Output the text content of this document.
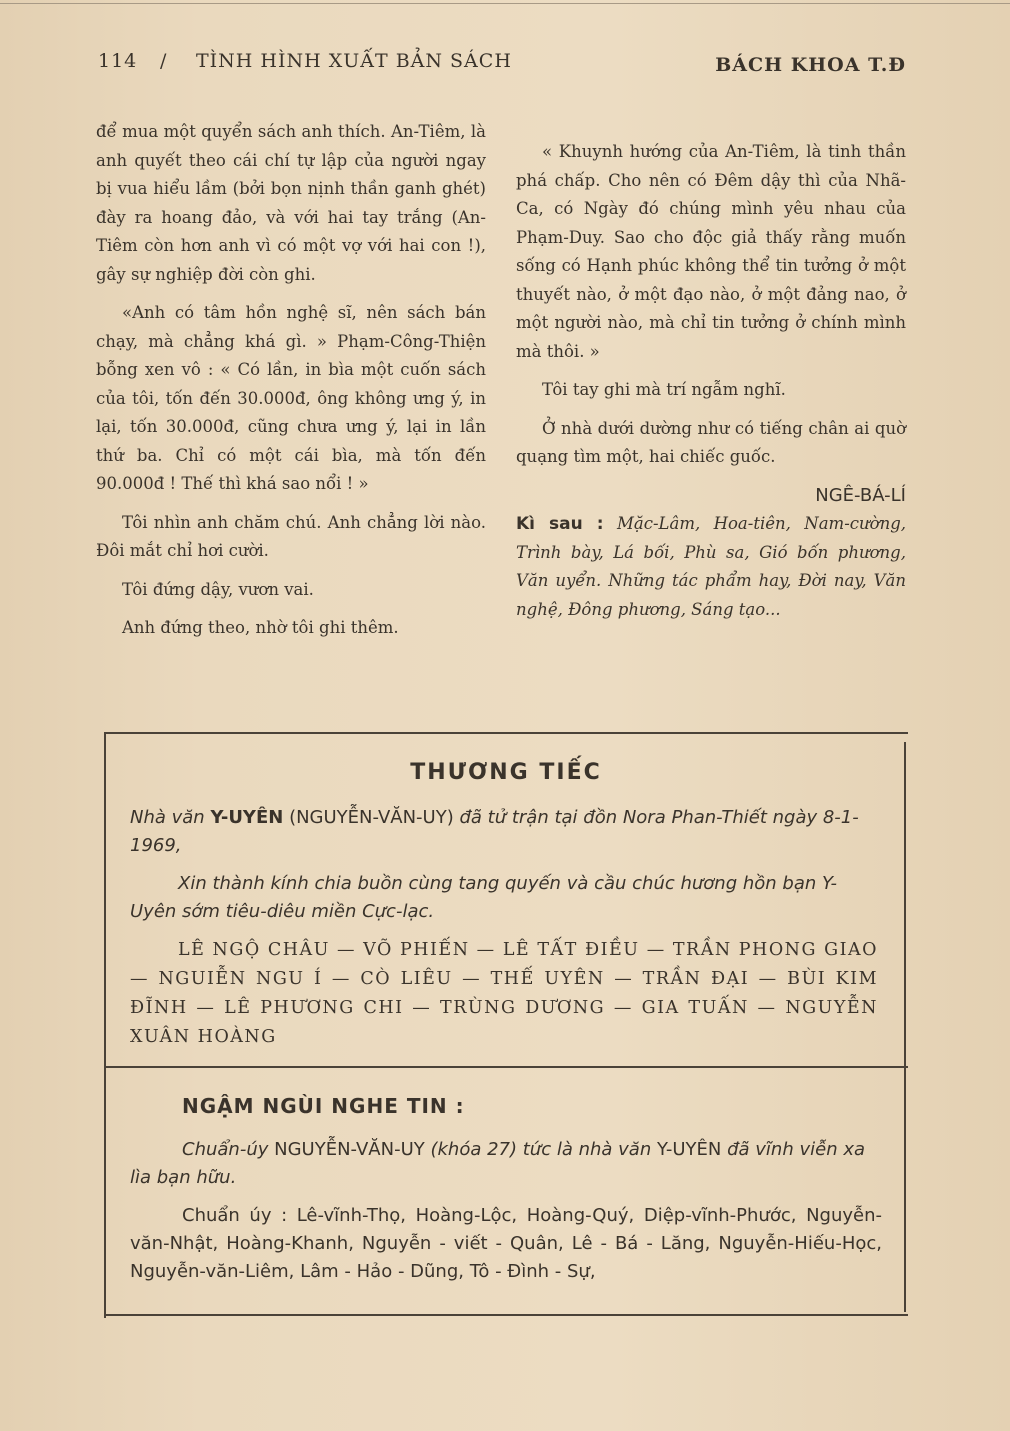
114 / TÌNH HÌNH XUẤT BẢN SÁCH	BÁCH KHOA T.Đ

để mua một quyển sách anh thích. An-Tiêm, là anh quyết theo cái chí tự lập của người ngay bị vua hiểu lầm (bởi bọn nịnh thần ganh ghét) đày ra hoang đảo, và với hai tay trắng (An-Tiêm còn hơn anh vì có một vợ với hai con !), gây sự nghiệp đời còn ghi.

«Anh có tâm hồn nghệ sĩ, nên sách bán chạy, mà chẳng khá gì. » Phạm-Công-Thiện bỗng xen vô : « Có lần, in bìa một cuốn sách của tôi, tốn đến 30.000đ, ông không ưng ý, in lại, tốn 30.000đ, cũng chưa ưng ý, lại in lần thứ ba. Chỉ có một cái bìa, mà tốn đến 90.000đ ! Thế thì khá sao nổi ! »

Tôi nhìn anh chăm chú. Anh chẳng lời nào. Đôi mắt chỉ hơi cười.

Tôi đứng dậy, vươn vai.

Anh đứng theo, nhờ tôi ghi thêm.

« Khuynh hướng của An-Tiêm, là tinh thần phá chấp. Cho nên có Đêm dậy thì của Nhã-Ca, có Ngày đó chúng mình yêu nhau của Phạm-Duy. Sao cho độc giả thấy rằng muốn sống có Hạnh phúc không thể tin tưởng ở một thuyết nào, ở một đạo nào, ở một đảng nao, ở một người nào, mà chỉ tin tưởng ở chính mình mà thôi. »

Tôi tay ghi mà trí ngẫm nghĩ.

Ở nhà dưới dường như có tiếng chân ai quờ quạng tìm một, hai chiếc guốc.

NGÊ-BÁ-LÍ

Kì sau : Mặc-Lâm, Hoa-tiên, Nam-cường, Trình bày, Lá bối, Phù sa, Gió bốn phương, Văn uyển. Những tác phẩm hay, Đời nay, Văn nghệ, Đông phương, Sáng tạo...

THƯƠNG TIẾC

Nhà văn Y-UYÊN (NGUYỄN-VĂN-UY) đã tử trận tại đồn Nora Phan-Thiết ngày 8-1-1969,

Xin thành kính chia buồn cùng tang quyến và cầu chúc hương hồn bạn Y-Uyên sớm tiêu-diêu miền Cực-lạc.

LÊ NGỘ CHÂU — VÕ PHIẾN — LÊ TẤT ĐIỀU — TRẦN PHONG GIAO — NGUIỄN NGU Í — CÒ LIÊU — THẾ UYÊN — TRẦN ĐẠI — BÙI KIM ĐĨNH — LÊ PHƯƠNG CHI — TRÙNG DƯƠNG — GIA TUẤN — NGUYỄN XUÂN HOÀNG

NGẬM NGÙI NGHE TIN :

Chuẩn-úy NGUYỄN-VĂN-UY (khóa 27) tức là nhà văn Y-UYÊN đã vĩnh viễn xa lìa bạn hữu.

Chuẩn úy : Lê-vĩnh-Thọ, Hoàng-Lộc, Hoàng-Quý, Diệp-vĩnh-Phước, Nguyễn-văn-Nhật, Hoàng-Khanh, Nguyễn - viết - Quân, Lê - Bá - Lăng, Nguyễn-Hiếu-Học, Nguyễn-văn-Liêm, Lâm - Hảo - Dũng, Tô - Đình - Sự,
